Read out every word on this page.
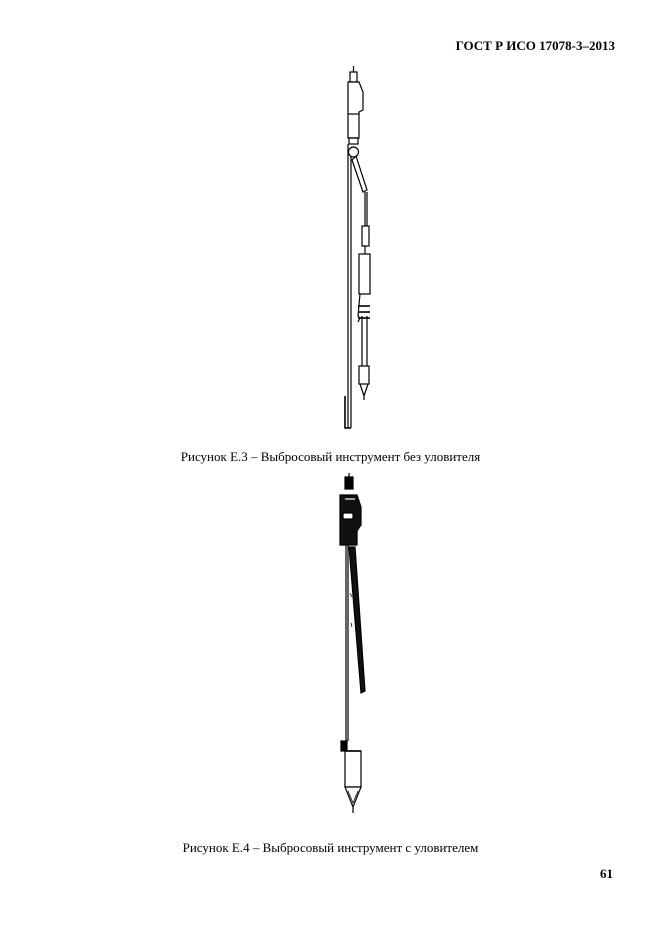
ГОСТ Р ИСО 17078-3–2013
Рисунок Е.3 – Выбросовый инструмент без уловителя
Рисунок Е.4 – Выбросовый инструмент с уловителем
61
